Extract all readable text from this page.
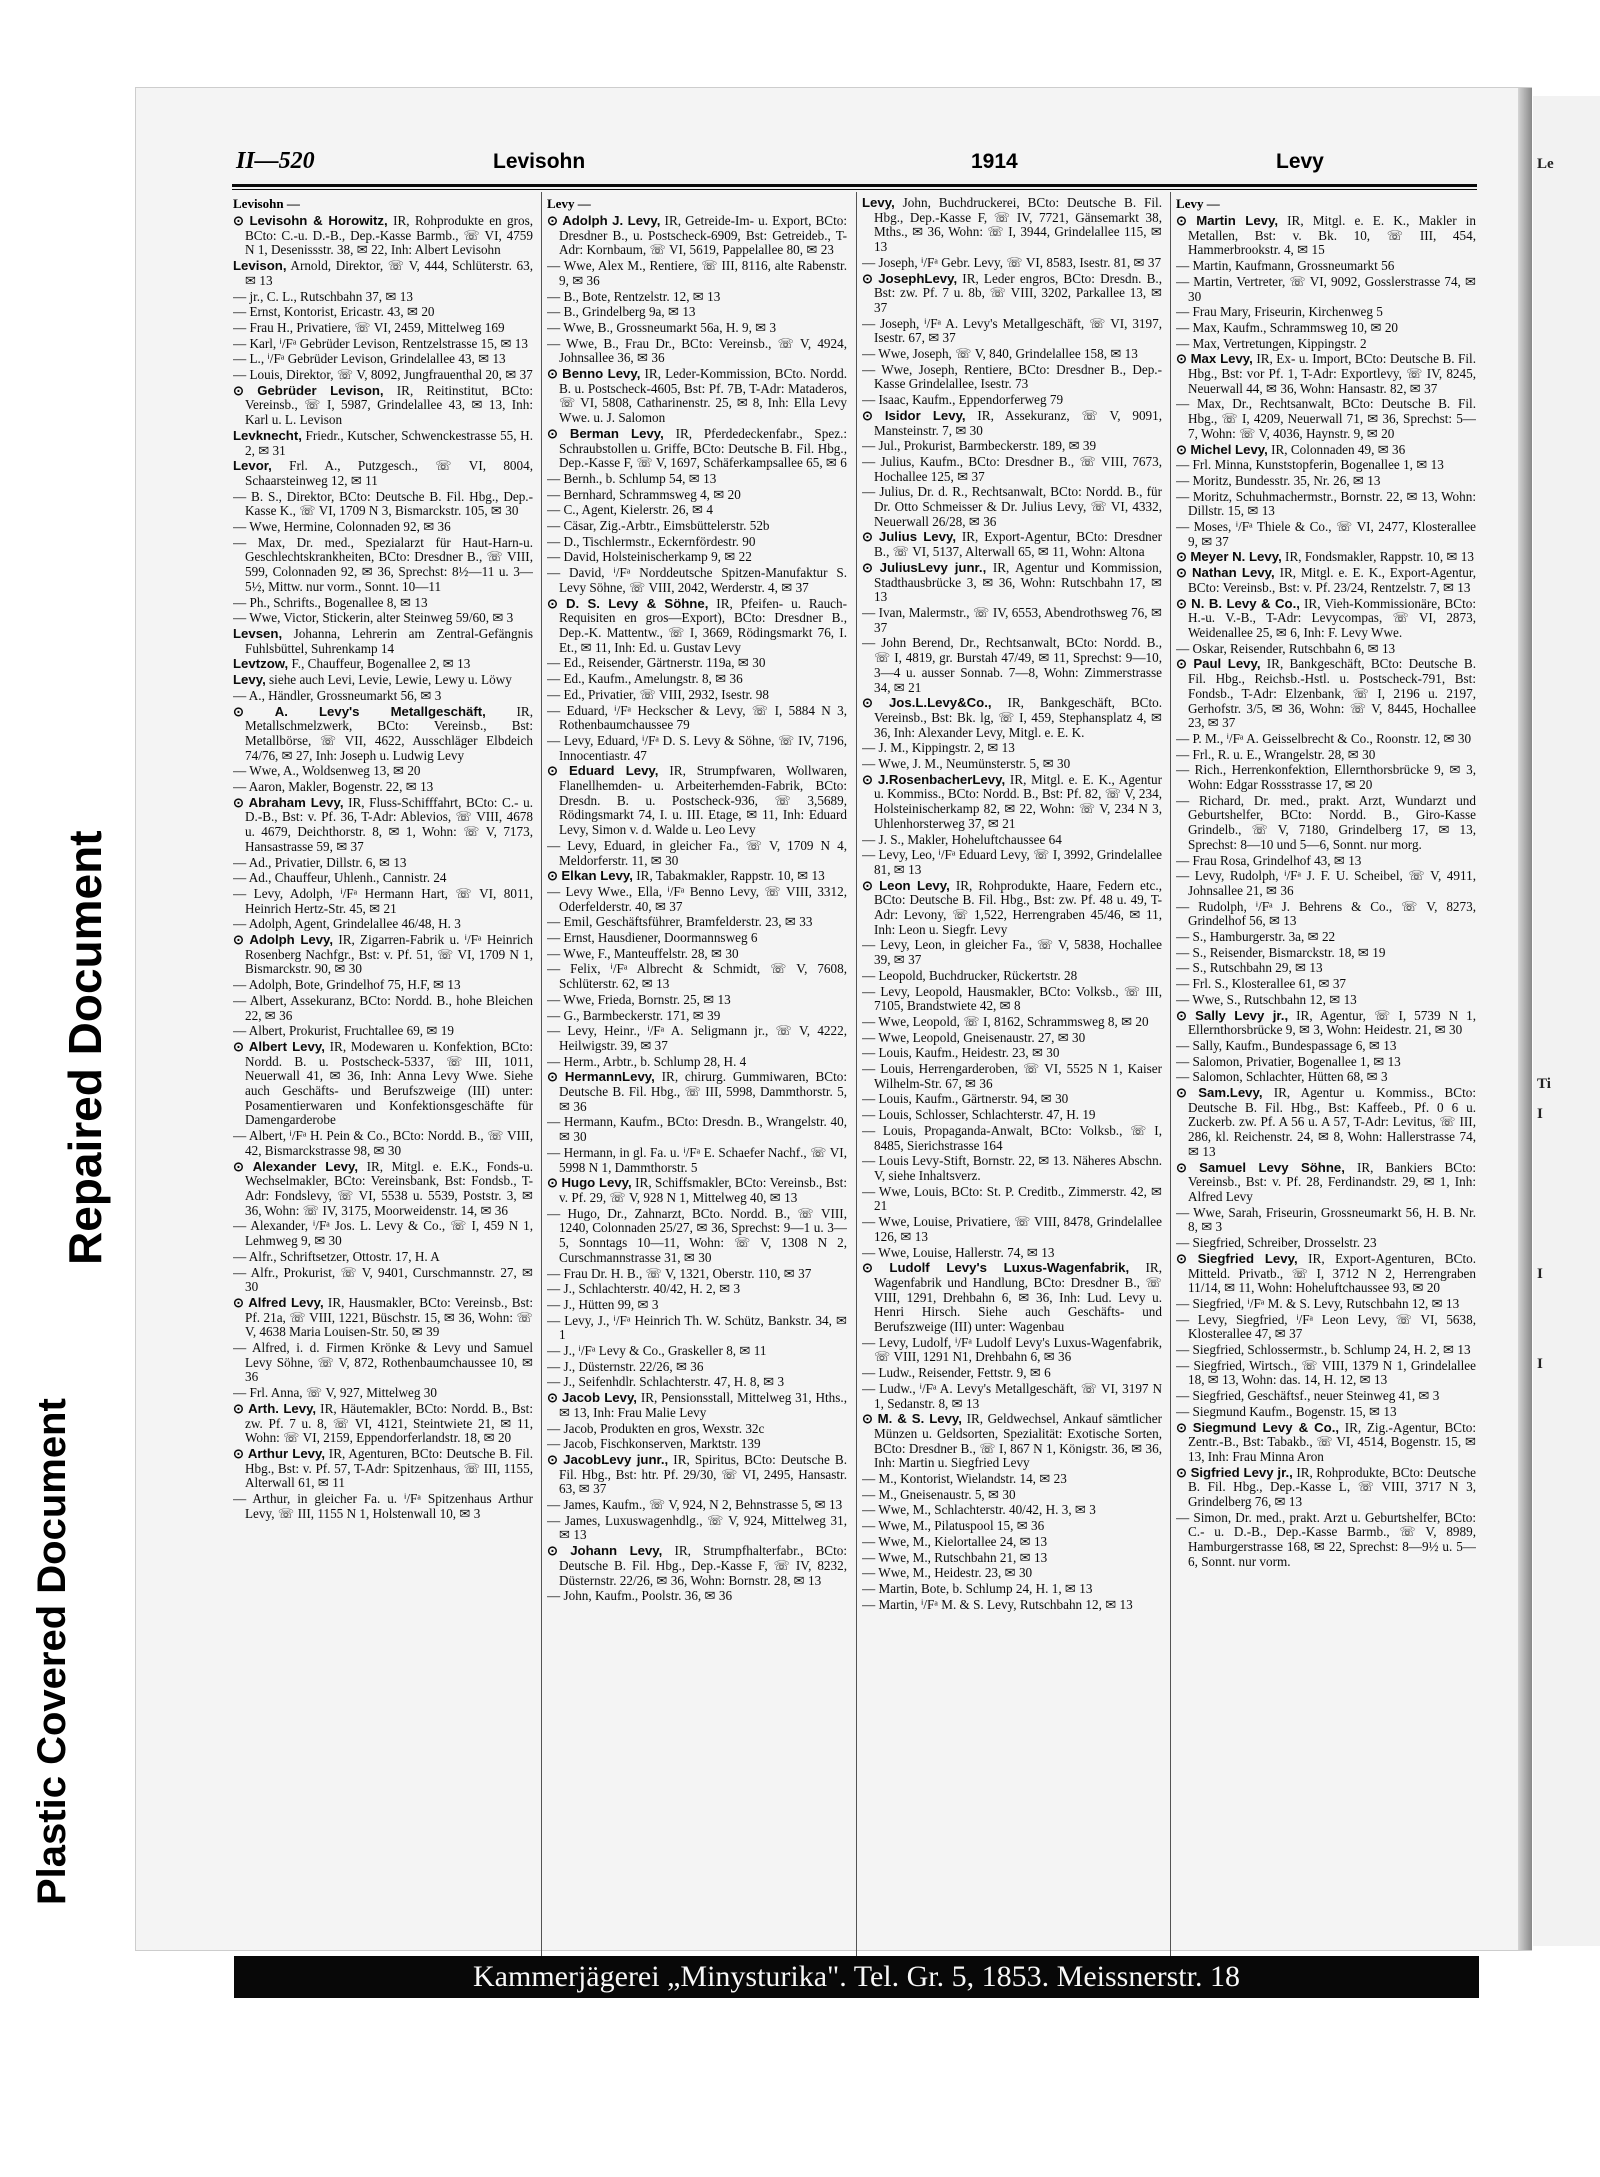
Repaired Document
Plastic Covered Document
Le
Ti
I
I
I
II—520	Levisohn	1914	Levy
Levisohn —
⊙ Levisohn & Horowitz, IR, Rohprodukte en gros, BCto: C.-u. D.-B., Dep.-Kasse Barmb., ☏ VI, 4759 N 1, Desenissstr. 38, ✉ 22, Inh: Albert Levisohn
Levison, Arnold, Direktor, ☏ V, 444, Schlüterstr. 63, ✉ 13
— jr., C. L., Rutschbahn 37, ✉ 13
— Ernst, Kontorist, Ericastr. 43, ✉ 20
— Frau H., Privatiere, ☏ VI, 2459, Mittelweg 169
— Karl, ⁱ/Fᵃ Gebrüder Levison, Rentzelstrasse 15, ✉ 13
— L., ⁱ/Fᵃ Gebrüder Levison, Grindelallee 43, ✉ 13
— Louis, Direktor, ☏ V, 8092, Jungfrauenthal 20, ✉ 37
⊙ Gebrüder Levison, IR, Reitinstitut, BCto: Vereinsb., ☏ I, 5987, Grindelallee 43, ✉ 13, Inh: Karl u. L. Levison
Levknecht, Friedr., Kutscher, Schwenckestrasse 55, H. 2, ✉ 31
Levor, Frl. A., Putzgesch., ☏ VI, 8004, Schaarsteinweg 12, ✉ 11
— B. S., Direktor, BCto: Deutsche B. Fil. Hbg., Dep.-Kasse K., ☏ VI, 1709 N 3, Bismarckstr. 105, ✉ 30
— Wwe, Hermine, Colonnaden 92, ✉ 36
— Max, Dr. med., Spezialarzt für Haut-Harn-u. Geschlechtskrankheiten, BCto: Dresdner B., ☏ VIII, 599, Colonnaden 92, ✉ 36, Sprechst: 8½—11 u. 3—5½, Mittw. nur vorm., Sonnt. 10—11
— Ph., Schrifts., Bogenallee 8, ✉ 13
— Wwe, Victor, Stickerin, alter Steinweg 59/60, ✉ 3
Levsen, Johanna, Lehrerin am Zentral-Gefängnis Fuhlsbüttel, Suhrenkamp 14
Levtzow, F., Chauffeur, Bogenallee 2, ✉ 13
Levy, siehe auch Levi, Levie, Lewie, Lewy u. Löwy
— A., Händler, Grossneumarkt 56, ✉ 3
⊙ A. Levy's Metallgeschäft, IR, Metallschmelzwerk, BCto: Vereinsb., Bst: Metallbörse, ☏ VII, 4622, Ausschläger Elbdeich 74/76, ✉ 27, Inh: Joseph u. Ludwig Levy
— Wwe, A., Woldsenweg 13, ✉ 20
— Aaron, Makler, Bogenstr. 22, ✉ 13
⊙ Abraham Levy, IR, Fluss-Schifffahrt, BCto: C.- u. D.-B., Bst: v. Pf. 36, T-Adr: Ablevios, ☏ VIII, 4678 u. 4679, Deichthorstr. 8, ✉ 1, Wohn: ☏ V, 7173, Hansastrasse 59, ✉ 37
— Ad., Privatier, Dillstr. 6, ✉ 13
— Ad., Chauffeur, Uhlenh., Cannistr. 24
— Levy, Adolph, ⁱ/Fᵃ Hermann Hart, ☏ VI, 8011, Heinrich Hertz-Str. 45, ✉ 21
— Adolph, Agent, Grindelallee 46/48, H. 3
⊙ Adolph Levy, IR, Zigarren-Fabrik u. ⁱ/Fᵃ Heinrich Rosenberg Nachfgr., Bst: v. Pf. 51, ☏ VI, 1709 N 1, Bismarckstr. 90, ✉ 30
— Adolph, Bote, Grindelhof 75, H.F, ✉ 13
— Albert, Assekuranz, BCto: Nordd. B., hohe Bleichen 22, ✉ 36
— Albert, Prokurist, Fruchtallee 69, ✉ 19
⊙ Albert Levy, IR, Modewaren u. Konfektion, BCto: Nordd. B. u. Postscheck-5337, ☏ III, 1011, Neuerwall 41, ✉ 36, Inh: Anna Levy Wwe. Siehe auch Geschäfts- und Berufszweige (III) unter: Posamentierwaren und Konfektionsgeschäfte für Damengarderobe
— Albert, ⁱ/Fᵃ H. Pein & Co., BCto: Nordd. B., ☏ VIII, 42, Bismarckstrasse 98, ✉ 30
⊙ Alexander Levy, IR, Mitgl. e. E.K., Fonds-u. Wechselmakler, BCto: Vereinsbank, Bst: Fondsb., T-Adr: Fondslevy, ☏ VI, 5538 u. 5539, Poststr. 3, ✉ 36, Wohn: ☏ IV, 3175, Moorweidenstr. 14, ✉ 36
— Alexander, ⁱ/Fᵃ Jos. L. Levy & Co., ☏ I, 459 N 1, Lehmweg 9, ✉ 30
— Alfr., Schriftsetzer, Ottostr. 17, H. A
— Alfr., Prokurist, ☏ V, 9401, Curschmannstr. 27, ✉ 30
⊙ Alfred Levy, IR, Hausmakler, BCto: Vereinsb., Bst: Pf. 21a, ☏ VIII, 1221, Büschstr. 15, ✉ 36, Wohn: ☏ V, 4638 Maria Louisen-Str. 50, ✉ 39
— Alfred, i. d. Firmen Krönke & Levy und Samuel Levy Söhne, ☏ V, 872, Rothenbaumchaussee 10, ✉ 36
— Frl. Anna, ☏ V, 927, Mittelweg 30
⊙ Arth. Levy, IR, Häutemakler, BCto: Nordd. B., Bst: zw. Pf. 7 u. 8, ☏ VI, 4121, Steintwiete 21, ✉ 11, Wohn: ☏ VI, 2159, Eppendorferlandstr. 18, ✉ 20
⊙ Arthur Levy, IR, Agenturen, BCto: Deutsche B. Fil. Hbg., Bst: v. Pf. 57, T-Adr: Spitzenhaus, ☏ III, 1155, Alterwall 61, ✉ 11
— Arthur, in gleicher Fa. u. ⁱ/Fᵃ Spitzenhaus Arthur Levy, ☏ III, 1155 N 1, Holstenwall 10, ✉ 3
Levy —
⊙ Adolph J. Levy, IR, Getreide-Im- u. Export, BCto: Dresdner B., u. Postscheck-6909, Bst: Getreideb., T-Adr: Kornbaum, ☏ VI, 5619, Pappelallee 80, ✉ 23
— Wwe, Alex M., Rentiere, ☏ III, 8116, alte Rabenstr. 9, ✉ 36
— B., Bote, Rentzelstr. 12, ✉ 13
— B., Grindelberg 9a, ✉ 13
— Wwe, B., Grossneumarkt 56a, H. 9, ✉ 3
— Wwe, B., Frau Dr., BCto: Vereinsb., ☏ V, 4924, Johnsallee 36, ✉ 36
⊙ Benno Levy, IR, Leder-Kommission, BCto. Nordd. B. u. Postscheck-4605, Bst: Pf. 7B, T-Adr: Mataderos, ☏ VI, 5808, Catharinenstr. 25, ✉ 8, Inh: Ella Levy Wwe. u. J. Salomon
⊙ Berman Levy, IR, Pferdedeckenfabr., Spez.: Schraubstollen u. Griffe, BCto: Deutsche B. Fil. Hbg., Dep.-Kasse F, ☏ V, 1697, Schäferkampsallee 65, ✉ 6
— Bernh., b. Schlump 54, ✉ 13
— Bernhard, Schrammsweg 4, ✉ 20
— C., Agent, Kielerstr. 26, ✉ 4
— Cäsar, Zig.-Arbtr., Eimsbüttelerstr. 52b
— D., Tischlermstr., Eckernfördestr. 90
— David, Holsteinischerkamp 9, ✉ 22
— David, ⁱ/Fᵃ Norddeutsche Spitzen-Manufaktur S. Levy Söhne, ☏ VIII, 2042, Werderstr. 4, ✉ 37
⊙ D. S. Levy & Söhne, IR, Pfeifen- u. Rauch-Requisiten en gros—Export), BCto: Dresdner B., Dep.-K. Mattentw., ☏ I, 3669, Rödingsmarkt 76, I. Et., ✉ 11, Inh: Ed. u. Gustav Levy
— Ed., Reisender, Gärtnerstr. 119a, ✉ 30
— Ed., Kaufm., Amelungstr. 8, ✉ 36
— Ed., Privatier, ☏ VIII, 2932, Isestr. 98
— Eduard, ⁱ/Fᵃ Heckscher & Levy, ☏ I, 5884 N 3, Rothenbaumchaussee 79
— Levy, Eduard, ⁱ/Fᵃ D. S. Levy & Söhne, ☏ IV, 7196, Innocentiastr. 47
⊙ Eduard Levy, IR, Strumpfwaren, Wollwaren, Flanellhemden- u. Arbeiterhemden-Fabrik, BCto: Dresdn. B. u. Postscheck-936, ☏ 3,5689, Rödingsmarkt 74, I. u. III. Etage, ✉ 11, Inh: Eduard Levy, Simon v. d. Walde u. Leo Levy
— Levy, Eduard, in gleicher Fa., ☏ V, 1709 N 4, Meldorferstr. 11, ✉ 30
⊙ Elkan Levy, IR, Tabakmakler, Rappstr. 10, ✉ 13
— Levy Wwe., Ella, ⁱ/Fᵃ Benno Levy, ☏ VIII, 3312, Oderfelderstr. 40, ✉ 37
— Emil, Geschäftsführer, Bramfelderstr. 23, ✉ 33
— Ernst, Hausdiener, Doormannsweg 6
— Wwe, F., Manteuffelstr. 28, ✉ 30
— Felix, ⁱ/Fᵃ Albrecht & Schmidt, ☏ V, 7608, Schlüterstr. 62, ✉ 13
— Wwe, Frieda, Bornstr. 25, ✉ 13
— G., Barmbeckerstr. 171, ✉ 39
— Levy, Heinr., ⁱ/Fᵃ A. Seligmann jr., ☏ V, 4222, Heilwigstr. 39, ✉ 37
— Herm., Arbtr., b. Schlump 28, H. 4
⊙ HermannLevy, IR, chirurg. Gummiwaren, BCto: Deutsche B. Fil. Hbg., ☏ III, 5998, Dammthorstr. 5, ✉ 36
— Hermann, Kaufm., BCto: Dresdn. B., Wrangelstr. 40, ✉ 30
— Hermann, in gl. Fa. u. ⁱ/Fᵃ E. Schaefer Nachf., ☏ VI, 5998 N 1, Dammthorstr. 5
⊙ Hugo Levy, IR, Schiffsmakler, BCto: Vereinsb., Bst: v. Pf. 29, ☏ V, 928 N 1, Mittelweg 40, ✉ 13
— Hugo, Dr., Zahnarzt, BCto. Nordd. B., ☏ VIII, 1240, Colonnaden 25/27, ✉ 36, Sprechst: 9—1 u. 3—5, Sonntags 10—11, Wohn: ☏ V, 1308 N 2, Curschmannstrasse 31, ✉ 30
— Frau Dr. H. B., ☏ V, 1321, Oberstr. 110, ✉ 37
— J., Schlachterstr. 40/42, H. 2, ✉ 3
— J., Hütten 99, ✉ 3
— Levy, J., ⁱ/Fᵃ Heinrich Th. W. Schütz, Bankstr. 34, ✉ 1
— J., ⁱ/Fᵃ Levy & Co., Graskeller 8, ✉ 11
— J., Düsternstr. 22/26, ✉ 36
— J., Seifenhdlr. Schlachterstr. 47, H. 8, ✉ 3
⊙ Jacob Levy, IR, Pensionsstall, Mittelweg 31, Hths., ✉ 13, Inh: Frau Malie Levy
— Jacob, Produkten en gros, Wexstr. 32c
— Jacob, Fischkonserven, Marktstr. 139
⊙ JacobLevy junr., IR, Spiritus, BCto: Deutsche B. Fil. Hbg., Bst: htr. Pf. 29/30, ☏ VI, 2495, Hansastr. 63, ✉ 37
— James, Kaufm., ☏ V, 924, N 2, Behnstrasse 5, ✉ 13
— James, Luxuswagenhdlg., ☏ V, 924, Mittelweg 31, ✉ 13
⊙ Johann Levy, IR, Strumpfhalterfabr., BCto: Deutsche B. Fil. Hbg., Dep.-Kasse F, ☏ IV, 8232, Düsternstr. 22/26, ✉ 36, Wohn: Bornstr. 28, ✉ 13
— John, Kaufm., Poolstr. 36, ✉ 36
Levy, John, Buchdruckerei, BCto: Deutsche B. Fil. Hbg., Dep.-Kasse F, ☏ IV, 7721, Gänsemarkt 38, Mths., ✉ 36, Wohn: ☏ I, 3944, Grindelallee 115, ✉ 13
— Joseph, ⁱ/Fᵃ Gebr. Levy, ☏ VI, 8583, Isestr. 81, ✉ 37
⊙ JosephLevy, IR, Leder engros, BCto: Dresdn. B., Bst: zw. Pf. 7 u. 8b, ☏ VIII, 3202, Parkallee 13, ✉ 37
— Joseph, ⁱ/Fᵃ A. Levy's Metallgeschäft, ☏ VI, 3197, Isestr. 67, ✉ 37
— Wwe, Joseph, ☏ V, 840, Grindelallee 158, ✉ 13
— Wwe, Joseph, Rentiere, BCto: Dresdner B., Dep.-Kasse Grindelallee, Isestr. 73
— Isaac, Kaufm., Eppendorferweg 79
⊙ Isidor Levy, IR, Assekuranz, ☏ V, 9091, Mansteinstr. 7, ✉ 30
— Jul., Prokurist, Barmbeckerstr. 189, ✉ 39
— Julius, Kaufm., BCto: Dresdner B., ☏ VIII, 7673, Hochallee 125, ✉ 37
— Julius, Dr. d. R., Rechtsanwalt, BCto: Nordd. B., für Dr. Otto Schmeisser & Dr. Julius Levy, ☏ VI, 4332, Neuerwall 26/28, ✉ 36
⊙ Julius Levy, IR, Export-Agentur, BCto: Dresdner B., ☏ VI, 5137, Alterwall 65, ✉ 11, Wohn: Altona
⊙ JuliusLevy junr., IR, Agentur und Kommission, Stadthausbrücke 3, ✉ 36, Wohn: Rutschbahn 17, ✉ 13
— Ivan, Malermstr., ☏ IV, 6553, Abendrothsweg 76, ✉ 37
— John Berend, Dr., Rechtsanwalt, BCto: Nordd. B., ☏ I, 4819, gr. Burstah 47/49, ✉ 11, Sprechst: 9—10, 3—4 u. ausser Sonnab. 7—8, Wohn: Zimmerstrasse 34, ✉ 21
⊙ Jos.L.Levy&Co., IR, Bankgeschäft, BCto. Vereinsb., Bst: Bk. lg, ☏ I, 459, Stephansplatz 4, ✉ 36, Inh: Alexander Levy, Mitgl. e. E. K.
— J. M., Kippingstr. 2, ✉ 13
— Wwe, J. M., Neumünsterstr. 5, ✉ 30
⊙ J.RosenbacherLevy, IR, Mitgl. e. E. K., Agentur u. Kommiss., BCto: Nordd. B., Bst: Pf. 82, ☏ V, 234, Holsteinischerkamp 82, ✉ 22, Wohn: ☏ V, 234 N 3, Uhlenhorsterweg 37, ✉ 21
— J. S., Makler, Hoheluftchaussee 64
— Levy, Leo, ⁱ/Fᵃ Eduard Levy, ☏ I, 3992, Grindelallee 81, ✉ 13
⊙ Leon Levy, IR, Rohprodukte, Haare, Federn etc., BCto: Deutsche B. Fil. Hbg., Bst: zw. Pf. 48 u. 49, T-Adr: Levony, ☏ 1,522, Herrengraben 45/46, ✉ 11, Inh: Leon u. Siegfr. Levy
— Levy, Leon, in gleicher Fa., ☏ V, 5838, Hochallee 39, ✉ 37
— Leopold, Buchdrucker, Rückertstr. 28
— Levy, Leopold, Hausmakler, BCto: Volksb., ☏ III, 7105, Brandstwiete 42, ✉ 8
— Wwe, Leopold, ☏ I, 8162, Schrammsweg 8, ✉ 20
— Wwe, Leopold, Gneisenaustr. 27, ✉ 30
— Louis, Kaufm., Heidestr. 23, ✉ 30
— Louis, Herrengarderoben, ☏ VI, 5525 N 1, Kaiser Wilhelm-Str. 67, ✉ 36
— Louis, Kaufm., Gärtnerstr. 94, ✉ 30
— Louis, Schlosser, Schlachterstr. 47, H. 19
— Louis, Propaganda-Anwalt, BCto: Volksb., ☏ I, 8485, Sierichstrasse 164
— Louis Levy-Stift, Bornstr. 22, ✉ 13. Näheres Abschn. V, siehe Inhaltsverz.
— Wwe, Louis, BCto: St. P. Creditb., Zimmerstr. 42, ✉ 21
— Wwe, Louise, Privatiere, ☏ VIII, 8478, Grindelallee 126, ✉ 13
— Wwe, Louise, Hallerstr. 74, ✉ 13
⊙ Ludolf Levy's Luxus-Wagenfabrik, IR, Wagenfabrik und Handlung, BCto: Dresdner B., ☏ VIII, 1291, Drehbahn 6, ✉ 36, Inh: Lud. Levy u. Henri Hirsch. Siehe auch Geschäfts- und Berufszweige (III) unter: Wagenbau
— Levy, Ludolf, ⁱ/Fᵃ Ludolf Levy's Luxus-Wagenfabrik, ☏ VIII, 1291 N1, Drehbahn 6, ✉ 36
— Ludw., Reisender, Fettstr. 9, ✉ 6
— Ludw., ⁱ/Fᵃ A. Levy's Metallgeschäft, ☏ VI, 3197 N 1, Sedanstr. 8, ✉ 13
⊙ M. & S. Levy, IR, Geldwechsel, Ankauf sämtlicher Münzen u. Geldsorten, Spezialität: Exotische Sorten, BCto: Dresdner B., ☏ I, 867 N 1, Königstr. 36, ✉ 36, Inh: Martin u. Siegfried Levy
— M., Kontorist, Wielandstr. 14, ✉ 23
— M., Gneisenaustr. 5, ✉ 30
— Wwe, M., Schlachterstr. 40/42, H. 3, ✉ 3
— Wwe, M., Pilatuspool 15, ✉ 36
— Wwe, M., Kielortallee 24, ✉ 13
— Wwe, M., Rutschbahn 21, ✉ 13
— Wwe, M., Heidestr. 23, ✉ 30
— Martin, Bote, b. Schlump 24, H. 1, ✉ 13
— Martin, ⁱ/Fᵃ M. & S. Levy, Rutschbahn 12, ✉ 13
Levy —
⊙ Martin Levy, IR, Mitgl. e. E. K., Makler in Metallen, Bst: v. Bk. 10, ☏ III, 454, Hammerbrookstr. 4, ✉ 15
— Martin, Kaufmann, Grossneumarkt 56
— Martin, Vertreter, ☏ VI, 9092, Gosslerstrasse 74, ✉ 30
— Frau Mary, Friseurin, Kirchenweg 5
— Max, Kaufm., Schrammsweg 10, ✉ 20
— Max, Vertretungen, Kippingstr. 2
⊙ Max Levy, IR, Ex- u. Import, BCto: Deutsche B. Fil. Hbg., Bst: vor Pf. 1, T-Adr: Exportlevy, ☏ IV, 8245, Neuerwall 44, ✉ 36, Wohn: Hansastr. 82, ✉ 37
— Max, Dr., Rechtsanwalt, BCto: Deutsche B. Fil. Hbg., ☏ I, 4209, Neuerwall 71, ✉ 36, Sprechst: 5—7, Wohn: ☏ V, 4036, Haynstr. 9, ✉ 20
⊙ Michel Levy, IR, Colonnaden 49, ✉ 36
— Frl. Minna, Kunststopferin, Bogenallee 1, ✉ 13
— Moritz, Bundesstr. 35, Nr. 26, ✉ 13
— Moritz, Schuhmachermstr., Bornstr. 22, ✉ 13, Wohn: Dillstr. 15, ✉ 13
— Moses, ⁱ/Fᵃ Thiele & Co., ☏ VI, 2477, Klosterallee 9, ✉ 37
⊙ Meyer N. Levy, IR, Fondsmakler, Rappstr. 10, ✉ 13
⊙ Nathan Levy, IR, Mitgl. e. E. K., Export-Agentur, BCto: Vereinsb., Bst: v. Pf. 23/24, Rentzelstr. 7, ✉ 13
⊙ N. B. Levy & Co., IR, Vieh-Kommissionäre, BCto: H.-u. V.-B., T-Adr: Levycompas, ☏ VI, 2873, Weidenallee 25, ✉ 6, Inh: F. Levy Wwe.
— Oskar, Reisender, Rutschbahn 6, ✉ 13
⊙ Paul Levy, IR, Bankgeschäft, BCto: Deutsche B. Fil. Hbg., Reichsb.-Hstl. u. Postscheck-791, Bst: Fondsb., T-Adr: Elzenbank, ☏ I, 2196 u. 2197, Gerhofstr. 3/5, ✉ 36, Wohn: ☏ V, 8445, Hochallee 23, ✉ 37
— P. M., ⁱ/Fᵃ A. Geisselbrecht & Co., Roonstr. 12, ✉ 30
— Frl., R. u. E., Wrangelstr. 28, ✉ 30
— Rich., Herrenkonfektion, Ellernthorsbrücke 9, ✉ 3, Wohn: Edgar Rossstrasse 17, ✉ 20
— Richard, Dr. med., prakt. Arzt, Wundarzt und Geburtshelfer, BCto: Nordd. B., Giro-Kasse Grindelb., ☏ V, 7180, Grindelberg 17, ✉ 13, Sprechst: 8—10 und 5—6, Sonnt. nur morg.
— Frau Rosa, Grindelhof 43, ✉ 13
— Levy, Rudolph, ⁱ/Fᵃ J. F. U. Scheibel, ☏ V, 4911, Johnsallee 21, ✉ 36
— Rudolph, ⁱ/Fᵃ J. Behrens & Co., ☏ V, 8273, Grindelhof 56, ✉ 13
— S., Hamburgerstr. 3a, ✉ 22
— S., Reisender, Bismarckstr. 18, ✉ 19
— S., Rutschbahn 29, ✉ 13
— Frl. S., Klosterallee 61, ✉ 37
— Wwe, S., Rutschbahn 12, ✉ 13
⊙ Sally Levy jr., IR, Agentur, ☏ I, 5739 N 1, Ellernthorsbrücke 9, ✉ 3, Wohn: Heidestr. 21, ✉ 30
— Sally, Kaufm., Bundespassage 6, ✉ 13
— Salomon, Privatier, Bogenallee 1, ✉ 13
— Salomon, Schlachter, Hütten 68, ✉ 3
⊙ Sam.Levy, IR, Agentur u. Kommiss., BCto: Deutsche B. Fil. Hbg., Bst: Kaffeeb., Pf. 0 6 u. Zuckerb. zw. Pf. A 56 u. A 57, T-Adr: Levitus, ☏ III, 286, kl. Reichenstr. 24, ✉ 8, Wohn: Hallerstrasse 74, ✉ 13
⊙ Samuel Levy Söhne, IR, Bankiers BCto: Vereinsb., Bst: v. Pf. 28, Ferdinandstr. 29, ✉ 1, Inh: Alfred Levy
— Wwe, Sarah, Friseurin, Grossneumarkt 56, H. B. Nr. 8, ✉ 3
— Siegfried, Schreiber, Drosselstr. 23
⊙ Siegfried Levy, IR, Export-Agenturen, BCto. Mitteld. Privatb., ☏ I, 3712 N 2, Herrengraben 11/14, ✉ 11, Wohn: Hoheluftchaussee 93, ✉ 20
— Siegfried, ⁱ/Fᵃ M. & S. Levy, Rutschbahn 12, ✉ 13
— Levy, Siegfried, ⁱ/Fᵃ Leon Levy, ☏ VI, 5638, Klosterallee 47, ✉ 37
— Siegfried, Schlossermstr., b. Schlump 24, H. 2, ✉ 13
— Siegfried, Wirtsch., ☏ VIII, 1379 N 1, Grindelallee 18, ✉ 13, Wohn: das. 14, H. 12, ✉ 13
— Siegfried, Geschäftsf., neuer Steinweg 41, ✉ 3
— Siegmund Kaufm., Bogenstr. 15, ✉ 13
⊙ Siegmund Levy & Co., IR, Zig.-Agentur, BCto: Zentr.-B., Bst: Tabakb., ☏ VI, 4514, Bogenstr. 15, ✉ 13, Inh: Frau Minna Aron
⊙ Sigfried Levy jr., IR, Rohprodukte, BCto: Deutsche B. Fil. Hbg., Dep.-Kasse L, ☏ VIII, 3717 N 3, Grindelberg 76, ✉ 13
— Simon, Dr. med., prakt. Arzt u. Geburtshelfer, BCto: C.- u. D.-B., Dep.-Kasse Barmb., ☏ V, 8989, Hamburgerstrasse 168, ✉ 22, Sprechst: 8—9½ u. 5—6, Sonnt. nur vorm.
Kammerjägerei „Minysturika". Tel. Gr. 5, 1853. Meissnerstr. 18
